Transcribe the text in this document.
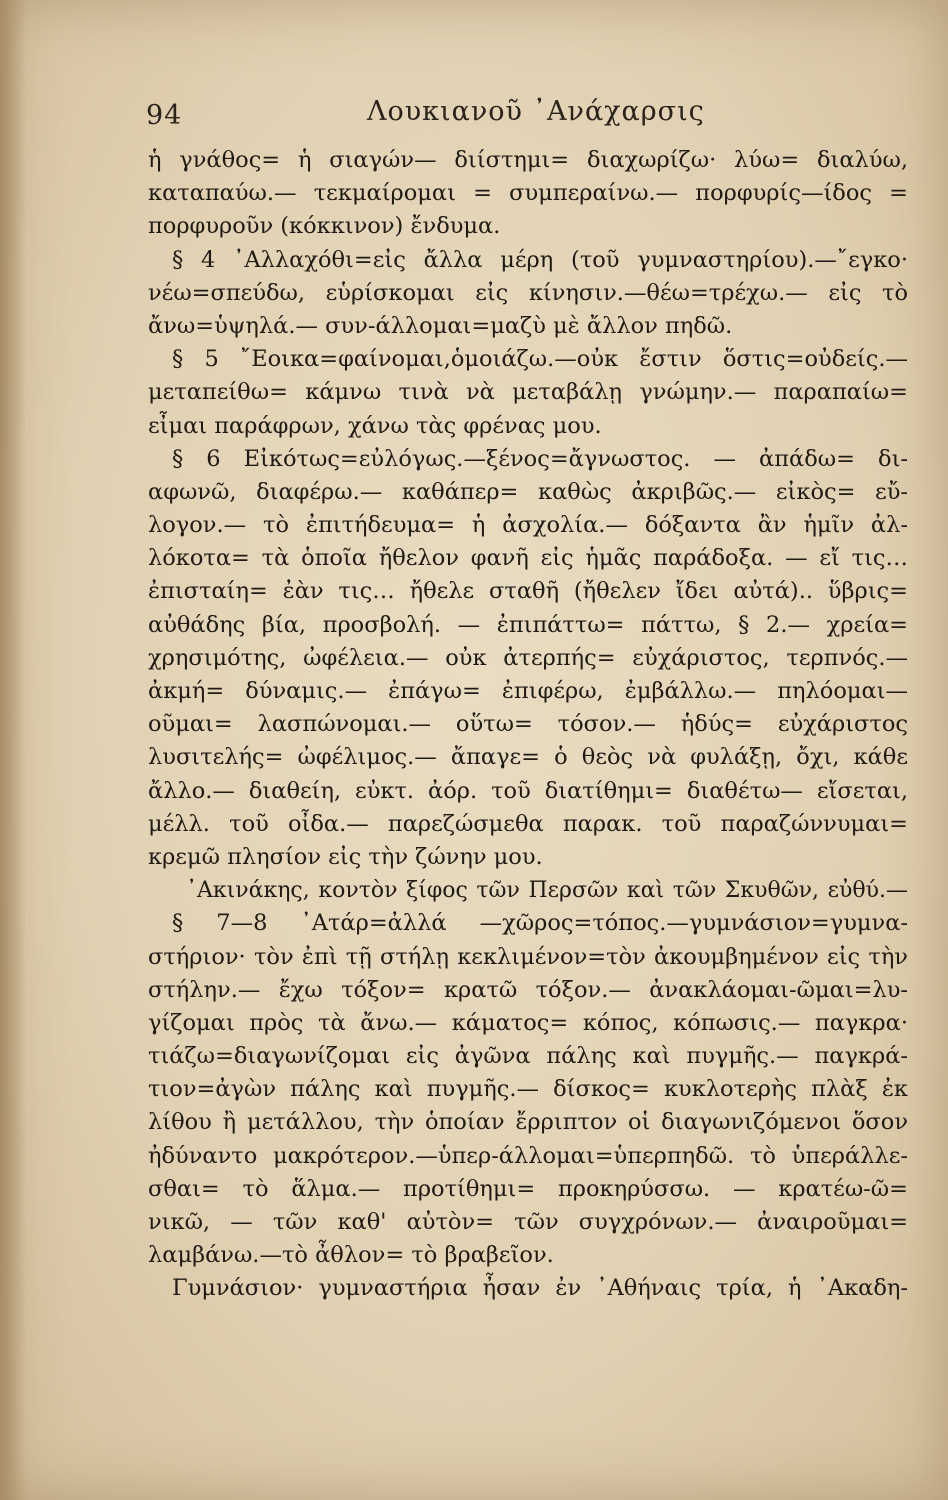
94	Λουκιανοῦ ᾿Ανάχαρσις
ἡ γνάθος= ἡ σιαγών— διίστημι= διαχωρίζω· λύω= διαλύω,
καταπαύω.— τεκμαίρομαι = συμπεραίνω.— πορφυρίς—ίδος =
πορφυροῦν (κόκκινον) ἔνδυμα.
§ 4 ᾿Αλλαχόθι=εἰς ἄλλα μέρη (τοῦ γυμναστηρίου).—῎εγκο·
νέω=σπεύδω, εὑρίσκομαι εἰς κίνησιν.—θέω=τρέχω.— εἰς τὸ
ἄνω=ὑψηλά.— συν-άλλομαι=μαζὺ μὲ ἄλλον πηδῶ.
§ 5 ῎Εοικα=φαίνομαι,ὁμοιάζω.—οὐκ ἔστιν ὅστις=οὐδείς.—
μεταπείθω= κάμνω τινὰ νὰ μεταβάλῃ γνώμην.— παραπαίω=
εἶμαι παράφρων, χάνω τὰς φρένας μου.
§ 6 Εἰκότως=εὐλόγως.—ξένος=ἄγνωστος. — ἀπάδω= δι-
αφωνῶ, διαφέρω.— καθάπερ= καθὼς ἀκριβῶς.— εἰκὸς= εὔ-
λογον.— τὸ ἐπιτήδευμα= ἡ ἀσχολία.— δόξαντα ἂν ἡμῖν ἀλ-
λόκοτα= τὰ ὁποῖα ἤθελον φανῆ εἰς ἡμᾶς παράδοξα. — εἴ τις…
ἐπισταίη= ἐὰν τις… ἤθελε σταθῆ (ἤθελεν ἴδει αὐτά).. ὕβρις=
αὐθάδης βία, προσβολή. — ἐπιπάττω= πάττω, § 2.— χρεία=
χρησιμότης, ὠφέλεια.— οὐκ ἀτερπής= εὐχάριστος, τερπνός.—
ἀκμή= δύναμις.— ἐπάγω= ἐπιφέρω, ἐμβάλλω.— πηλόομαι—
οῦμαι= λασπώνομαι.— οὕτω= τόσον.— ἡδύς= εὐχάριστος
λυσιτελής= ὠφέλιμος.— ἄπαγε= ὁ θεὸς νὰ φυλάξῃ, ὄχι, κάθε
ἄλλο.— διαθείη, εὐκτ. ἀόρ. τοῦ διατίθημι= διαθέτω— εἴσεται,
μέλλ. τοῦ οἶδα.— παρεζώσμεθα παρακ. τοῦ παραζώννυμαι=
κρεμῶ πλησίον εἰς τὴν ζώνην μου.
᾿Ακινάκης, κοντὸν ξίφος τῶν Περσῶν καὶ τῶν Σκυθῶν, εὐθύ.—
§ 7—8 ᾿Ατάρ=ἀλλά —χῶρος=τόπος.—γυμνάσιον=γυμνα-
στήριον· τὸν ἐπὶ τῇ στήλῃ κεκλιμένον=τὸν ἀκουμβημένον εἰς τὴν
στήλην.— ἔχω τόξον= κρατῶ τόξον.— ἀνακλάομαι-ῶμαι=λυ-
γίζομαι πρὸς τὰ ἄνω.— κάματος= κόπος, κόπωσις.— παγκρα·
τιάζω=διαγωνίζομαι εἰς ἀγῶνα πάλης καὶ πυγμῆς.— παγκρά-
τιον=ἀγὼν πάλης καὶ πυγμῆς.— δίσκος= κυκλοτερὴς πλὰξ ἐκ
λίθου ἢ μετάλλου, τὴν ὁποίαν ἔρριπτον οἱ διαγωνιζόμενοι ὅσον
ἠδύναντο μακρότερον.—ὑπερ-άλλομαι=ὑπερπηδῶ. τὸ ὑπεράλλε-
σθαι= τὸ ἅλμα.— προτίθημι= προκηρύσσω. — κρατέω-ῶ=
νικῶ, — τῶν καθ' αὐτὸν= τῶν συγχρόνων.— ἀναιροῦμαι=
λαμβάνω.—τὸ ἆθλον= τὸ βραβεῖον.
Γυμνάσιον· γυμναστήρια ἦσαν ἐν ᾿Αθήναις τρία, ἡ ᾿Ακαδη-
